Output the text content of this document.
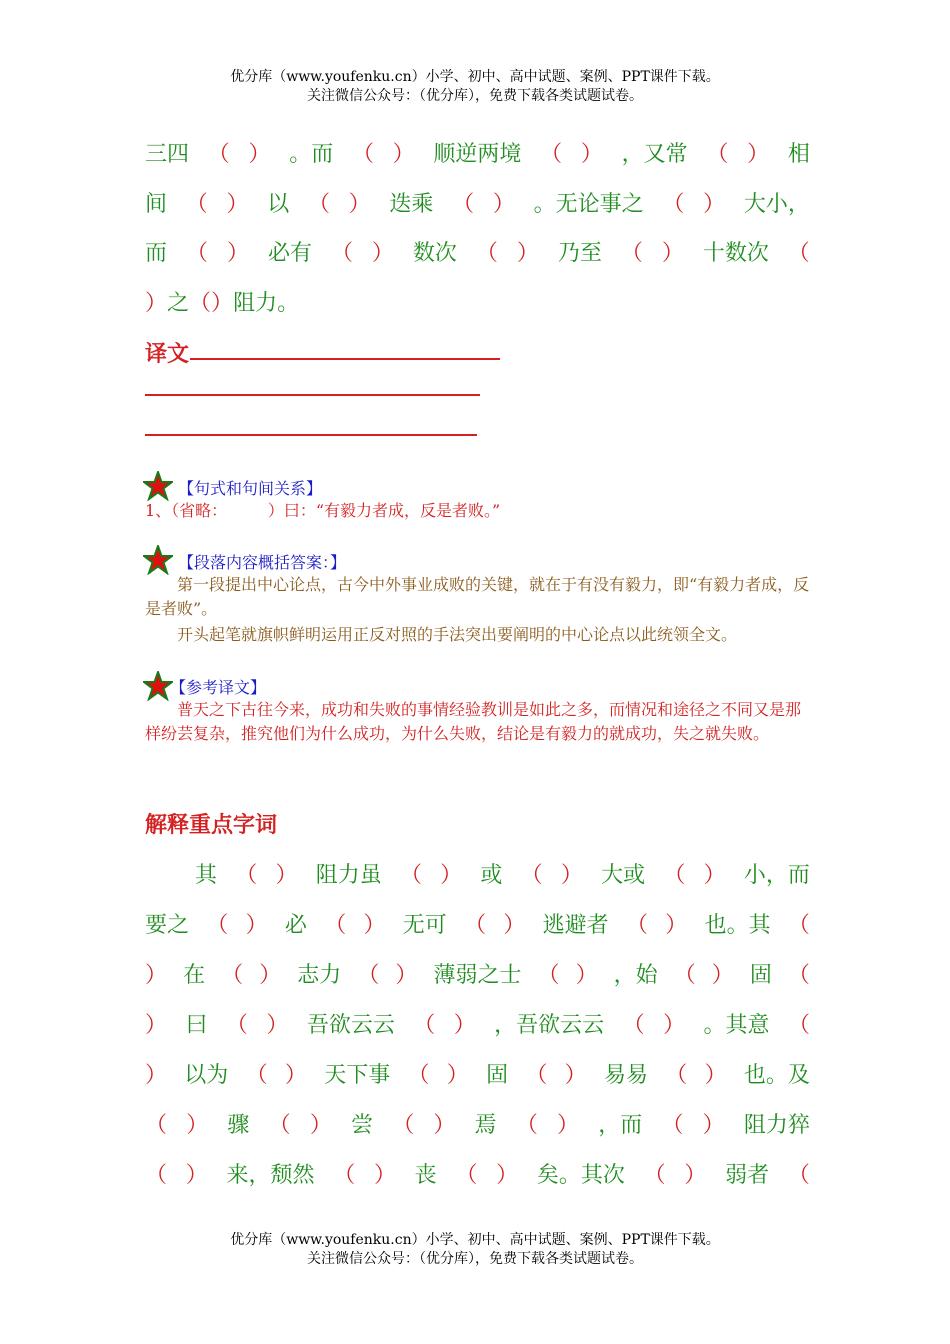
优分库（www.youfenku.cn）小学、初中、高中试题、案例、PPT课件下载。
关注微信公众号：（优分库），免费下载各类试题试卷。
三四 （ ） 。而 （ ） 顺逆两境 （ ） ，又常 （ ） 相
间 （ ） 以 （ ） 迭乘 （ ） 。无论事之 （ ） 大小，
而 （ ） 必有 （ ） 数次 （ ） 乃至 （ ） 十数次 （
） 之 （ ） 阻力。
译文
【句式和句间关系】
1、（省略：        ）曰：“有毅力者成，反是者败。”
【段落内容概括答案：】
第一段提出中心论点，古今中外事业成败的关键，就在于有没有毅力，即“有毅力者成，反是者败”。
开头起笔就旗帜鲜明运用正反对照的手法突出要阐明的中心论点以此统领全文。
【参考译文】
普天之下古往今来，成功和失败的事情经验教训是如此之多，而情况和途径之不同又是那样纷芸复杂，推究他们为什么成功，为什么失败，结论是有毅力的就成功，失之就失败。
解释重点字词
其 （ ） 阻力虽 （ ） 或 （ ） 大或 （ ） 小，而
要之 （ ） 必 （ ） 无可 （ ） 逃避者 （ ） 也。其 （
） 在 （ ） 志力 （ ） 薄弱之士 （ ） ，始 （ ） 固 （
） 曰 （ ） 吾欲云云 （ ） ，吾欲云云 （ ） 。其意 （
） 以为 （ ） 天下事 （ ） 固 （ ） 易易 （ ） 也。及
（ ） 骤 （ ） 尝 （ ） 焉 （ ） ，而 （ ） 阻力猝
（ ） 来，颓然 （ ） 丧 （ ） 矣。其次 （ ） 弱者 （
优分库（www.youfenku.cn）小学、初中、高中试题、案例、PPT课件下载。
关注微信公众号：（优分库），免费下载各类试题试卷。
